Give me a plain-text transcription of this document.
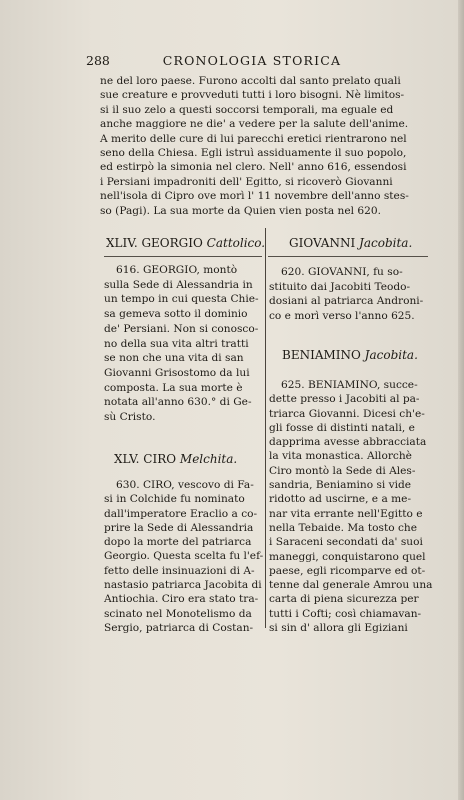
288	CRONOLOGIA STORICA

ne del loro paese. Furono accolti dal santo prelato quali

sue creature e provveduti tutti i loro bisogni. Nè limitos-

si il suo zelo a questi soccorsi temporali, ma eguale ed

anche maggiore ne die' a vedere per la salute dell'anime.

A merito delle cure di lui parecchi eretici rientrarono nel

seno della Chiesa. Egli istruì assiduamente il suo popolo,

ed estirpò la simonia nel clero. Nell' anno 616, essendosi

i Persiani impadroniti dell' Egitto, si ricoverò Giovanni

nell'isola di Cipro ove morì l' 11 novembre dell'anno stes-

so (Pagi). La sua morte da Quien vien posta nel 620.

XLIV. GEORGIO Cattolico.

616. GEORGIO, montò

sulla Sede di Alessandria in

un tempo in cui questa Chie-

sa gemeva sotto il dominio

de' Persiani. Non si conosco-

no della sua vita altri tratti

se non che una vita di san

Giovanni Grisostomo da lui

composta. La sua morte è

notata all'anno 630.° di Ge-

sù Cristo.

XLV. CIRO Melchita.

630. CIRO, vescovo di Fa-

si in Colchide fu nominato

dall'imperatore Eraclio a co-

prire la Sede di Alessandria

dopo la morte del patriarca

Georgio. Questa scelta fu l'ef-

fetto delle insinuazioni di A-

nastasio patriarca Jacobita di

Antiochia. Ciro era stato tra-

scinato nel Monotelismo da

Sergio, patriarca di Costan-

GIOVANNI Jacobita.

620. GIOVANNI, fu so-

stituito dai Jacobiti Teodo-

dosiani al patriarca Androni-

co e morì verso l'anno 625.

BENIAMINO Jacobita.

625. BENIAMINO, succe-

dette presso i Jacobiti al pa-

triarca Giovanni. Dicesi ch'e-

gli fosse di distinti natali, e

dapprima avesse abbracciata

la vita monastica. Allorchè

Ciro montò la Sede di Ales-

sandria, Beniamino si vide

ridotto ad uscirne, e a me-

nar vita errante nell'Egitto e

nella Tebaide. Ma tosto che

i Saraceni secondati da' suoi

maneggi, conquistarono quel

paese, egli ricomparve ed ot-

tenne dal generale Amrou una

carta di piena sicurezza per

tutti i Cofti; così chiamavan-

si sin d' allora gli Egiziani
